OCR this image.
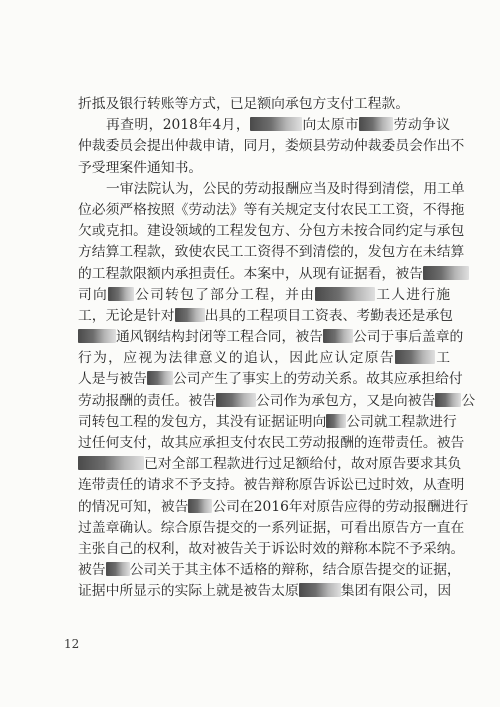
折抵及银行转账等方式，已足额向承包方支付工程款。
再查明，2018年4月，	向太原市 劳动争议
仲裁委员会提出仲裁申请，同月，娄烦县劳动仲裁委员会作出不
予受理案件通知书。
一审法院认为，公民的劳动报酬应当及时得到清偿，用工单
位必须严格按照《劳动法》等有关规定支付农民工工资，不得拖
欠或克扣。建设领域的工程发包方、分包方未按合同约定与承包
方结算工程款，致使农民工工资得不到清偿的，发包方在未结算
的工程款限额内承担责任。本案中，从现有证据看，被告
司向 公司转包了部分工程，并由	工人进行施
工，无论是针对 出具的工程项目工资表、考勤表还是承包
通风钢结构封闭等工程合同，被告 公司于事后盖章的
行为，应视为法律意义的追认，因此应认定原告	工
人是与被告 公司产生了事实上的劳动关系。故其应承担给付
劳动报酬的责任。被告	公司作为承包方，又是向被告 公
司转包工程的发包方，其没有证据证明向 公司就工程款进行
过任何支付，故其应承担支付农民工劳动报酬的连带责任。被告
已对全部工程款进行过足额给付，故对原告要求其负
连带责任的请求不予支持。被告辩称原告诉讼已过时效，从查明
的情况可知，被告 公司在2016年对原告应得的劳动报酬进行
过盖章确认。综合原告提交的一系列证据，可看出原告方一直在
主张自己的权利，故对被告关于诉讼时效的辩称本院不予采纳。
被告 公司关于其主体不适格的辩称，结合原告提交的证据，
证据中所显示的实际上就是被告太原	集团有限公司，因
12
